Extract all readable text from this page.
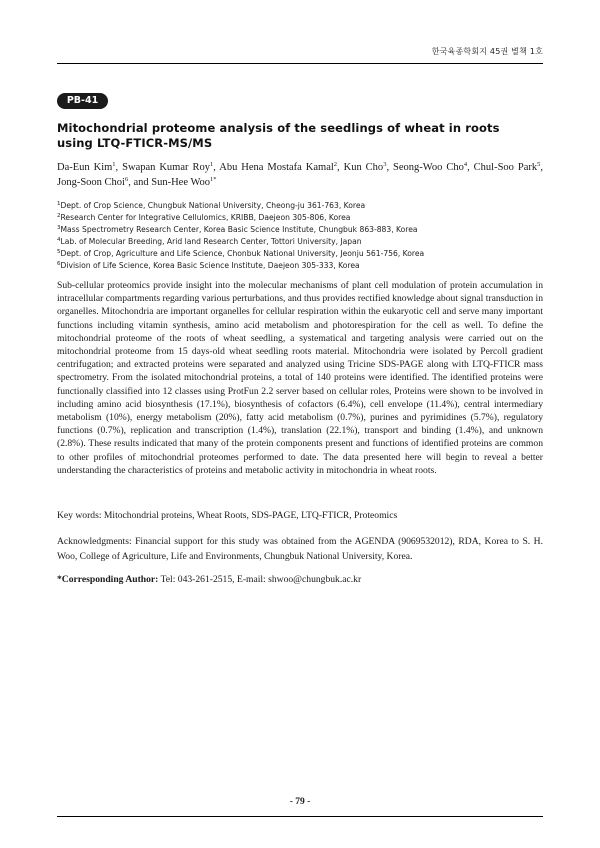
한국육종학회지 45권 별책 1호
PB-41
Mitochondrial proteome analysis of the seedlings of wheat in roots using LTQ-FTICR-MS/MS
Da-Eun Kim$^1$, Swapan Kumar Roy$^1$, Abu Hena Mostafa Kamal$^2$, Kun Cho$^3$, Seong-Woo Cho$^4$, Chul-Soo Park$^5$, Jong-Soon Choi$^6$, and Sun-Hee Woo$^{1*}$
$^1$Dept. of Crop Science, Chungbuk National University, Cheong-ju 361-763, Korea
$^2$Research Center for Integrative Cellulomics, KRIBB, Daejeon 305-806, Korea
$^3$Mass Spectrometry Research Center, Korea Basic Science Institute, Chungbuk 863-883, Korea
$^4$Lab. of Molecular Breeding, Arid land Research Center, Tottori University, Japan
$^5$Dept. of Crop, Agriculture and Life Science, Chonbuk National University, Jeonju 561-756, Korea
$^6$Division of Life Science, Korea Basic Science Institute, Daejeon 305-333, Korea

Sub-cellular proteomics provide insight into the molecular mechanisms of plant cell modulation of protein accumulation in intracellular compartments regarding various perturbations, and thus provides rectified knowledge about signal transduction in organelles. Mitochondria are important organelles for cellular respiration within the eukaryotic cell and serve many important functions including vitamin synthesis, amino acid metabolism and photorespiration for the cell as well. To define the mitochondrial proteome of the roots of wheat seedling, a systematical and targeting analysis were carried out on the mitochondrial proteome from 15 days-old wheat seedling roots material. Mitochondria were isolated by Percoll gradient centrifugation; and extracted proteins were separated and analyzed using Tricine SDS-PAGE along with LTQ-FTICR mass spectrometry. From the isolated mitochondrial proteins, a total of 140 proteins were identified. The identified proteins were functionally classified into 12 classes using ProtFun 2.2 server based on cellular roles, Proteins were shown to be involved in including amino acid biosynthesis (17.1%), biosynthesis of cofactors (6.4%), cell envelope (11.4%), central intermediary metabolism (10%), energy metabolism (20%), fatty acid metabolism (0.7%), purines and pyrimidines (5.7%), regulatory functions (0.7%), replication and transcription (1.4%), translation (22.1%), transport and binding (1.4%), and unknown (2.8%). These results indicated that many of the protein components present and functions of identified proteins are common to other profiles of mitochondrial proteomes performed to date. The data presented here will begin to reveal a better understanding the characteristics of proteins and metabolic activity in mitochondria in wheat roots.

Key words: Mitochondrial proteins, Wheat Roots, SDS-PAGE, LTQ-FTICR, Proteomics

Acknowledgments: Financial support for this study was obtained from the AGENDA (9069532012), RDA, Korea to S. H. Woo, College of Agriculture, Life and Environments, Chungbuk National University, Korea.

*Corresponding Author: Tel: 043-261-2515, E-mail: shwoo@chungbuk.ac.kr

- 79 -
